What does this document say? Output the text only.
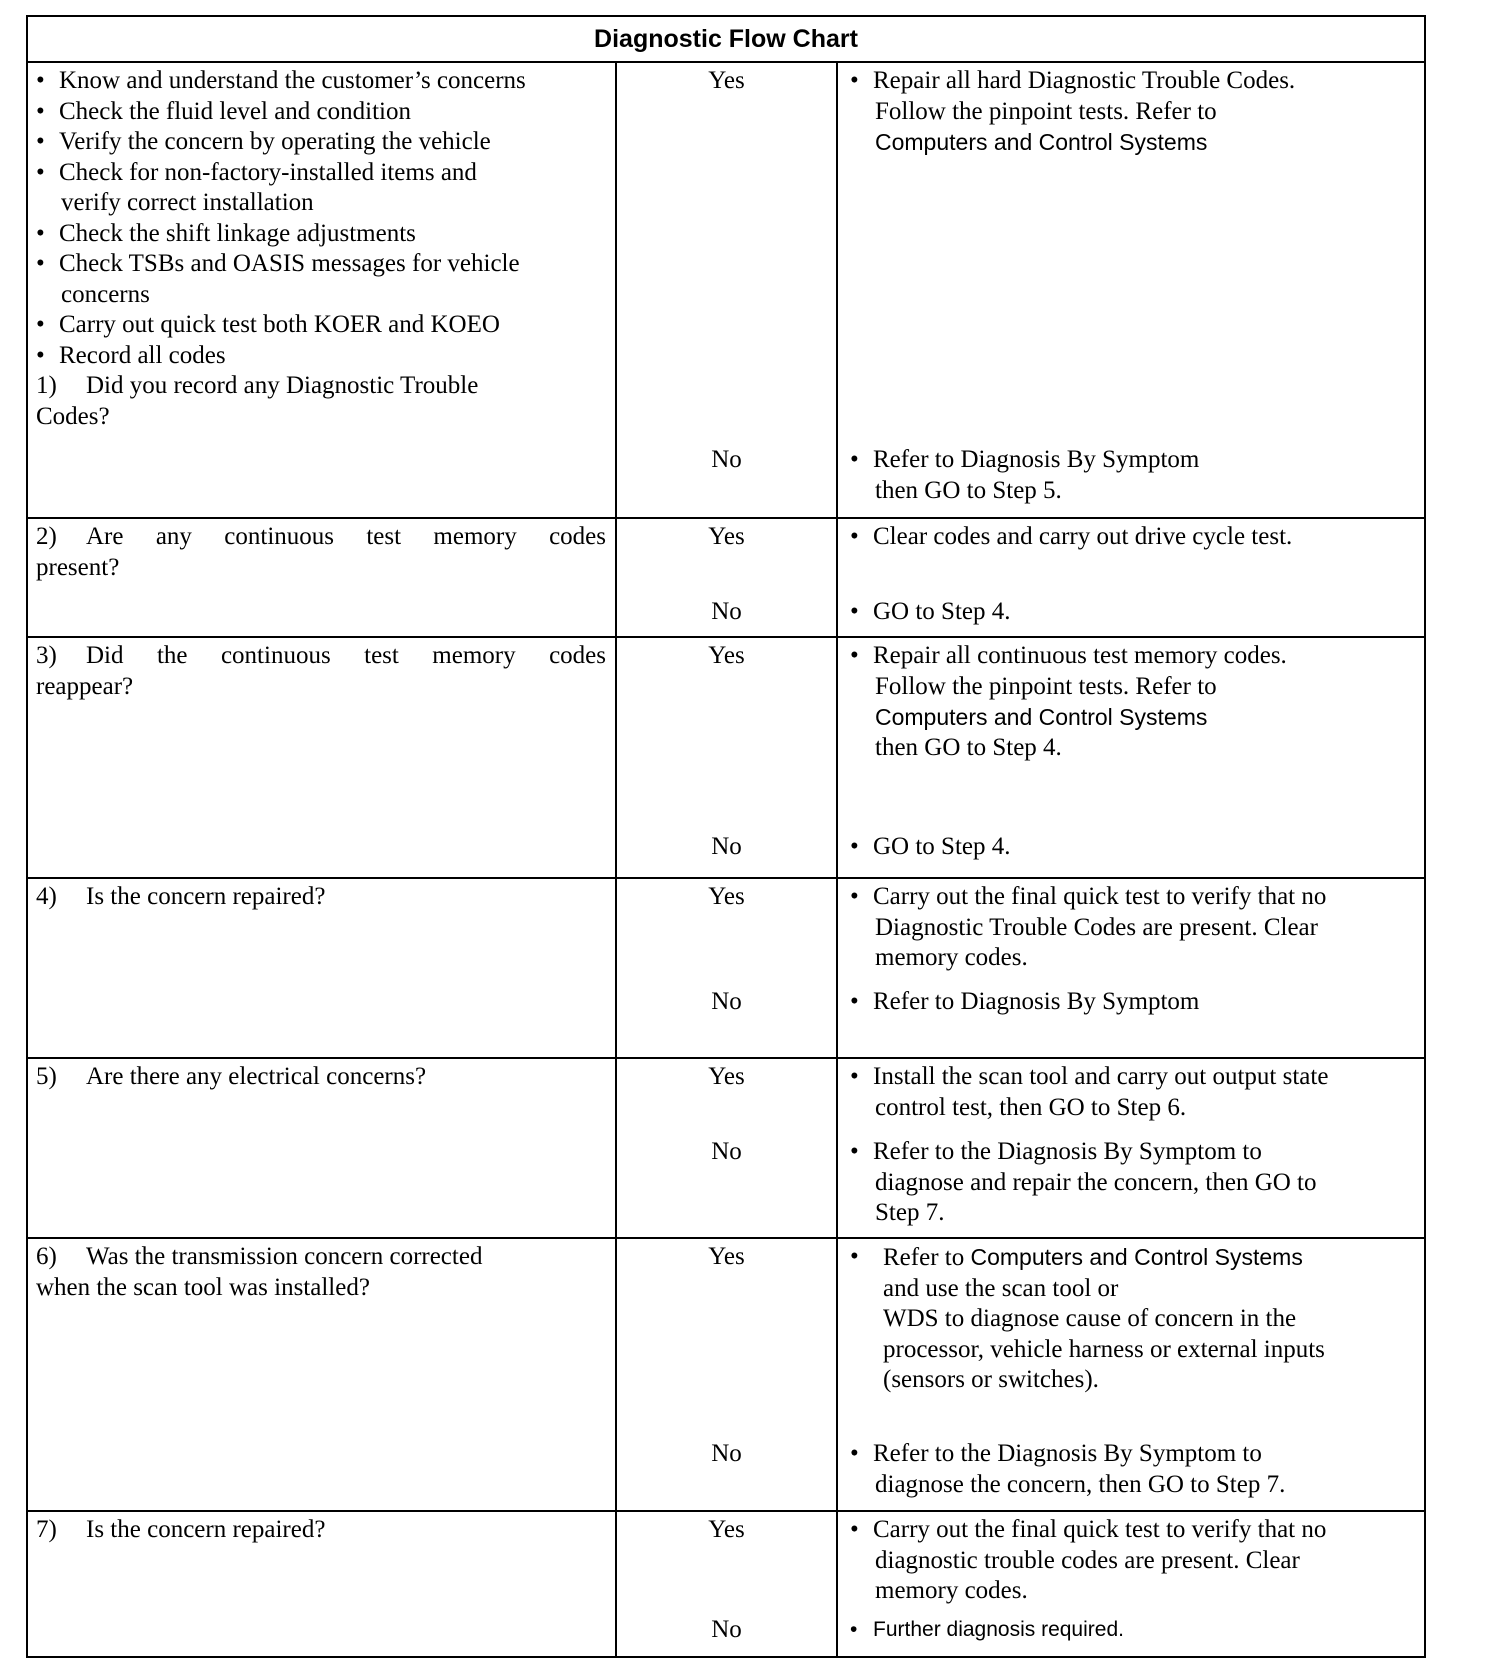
Diagnostic Flow Chart
• Know and understand the customer’s concerns
• Check the fluid level and condition
• Verify the concern by operating the vehicle
• Check for non-factory-installed items and
verify correct installation
• Check the shift linkage adjustments
• Check TSBs and OASIS messages for vehicle
concerns
• Carry out quick test both KOER and KOEO
• Record all codes
1) Did you record any Diagnostic Trouble
Codes?
Yes	• Repair all hard Diagnostic Trouble Codes.
Follow the pinpoint tests. Refer to
Computers and Control Systems
No	• Refer to Diagnosis By Symptom
then GO to Step 5.
2) Are any continuous test memory codes
present?
Yes	• Clear codes and carry out drive cycle test.
No	• GO to Step 4.
3) Did the continuous test memory codes
reappear?
Yes	• Repair all continuous test memory codes.
Follow the pinpoint tests. Refer to
Computers and Control Systems
then GO to Step 4.
No	• GO to Step 4.
4) Is the concern repaired?	Yes	• Carry out the final quick test to verify that no
Diagnostic Trouble Codes are present. Clear
memory codes.
No	• Refer to Diagnosis By Symptom
5) Are there any electrical concerns?	Yes	• Install the scan tool and carry out output state
control test, then GO to Step 6.
No	• Refer to the Diagnosis By Symptom to
diagnose and repair the concern, then GO to
Step 7.
6) Was the transmission concern corrected
when the scan tool was installed?
Yes	• Refer to Computers and Control Systems
and use the scan tool or
WDS to diagnose cause of concern in the
processor, vehicle harness or external inputs
(sensors or switches).
No	• Refer to the Diagnosis By Symptom to
diagnose the concern, then GO to Step 7.
7) Is the concern repaired?	Yes	• Carry out the final quick test to verify that no
diagnostic trouble codes are present. Clear
memory codes.
No	• Further diagnosis required.
